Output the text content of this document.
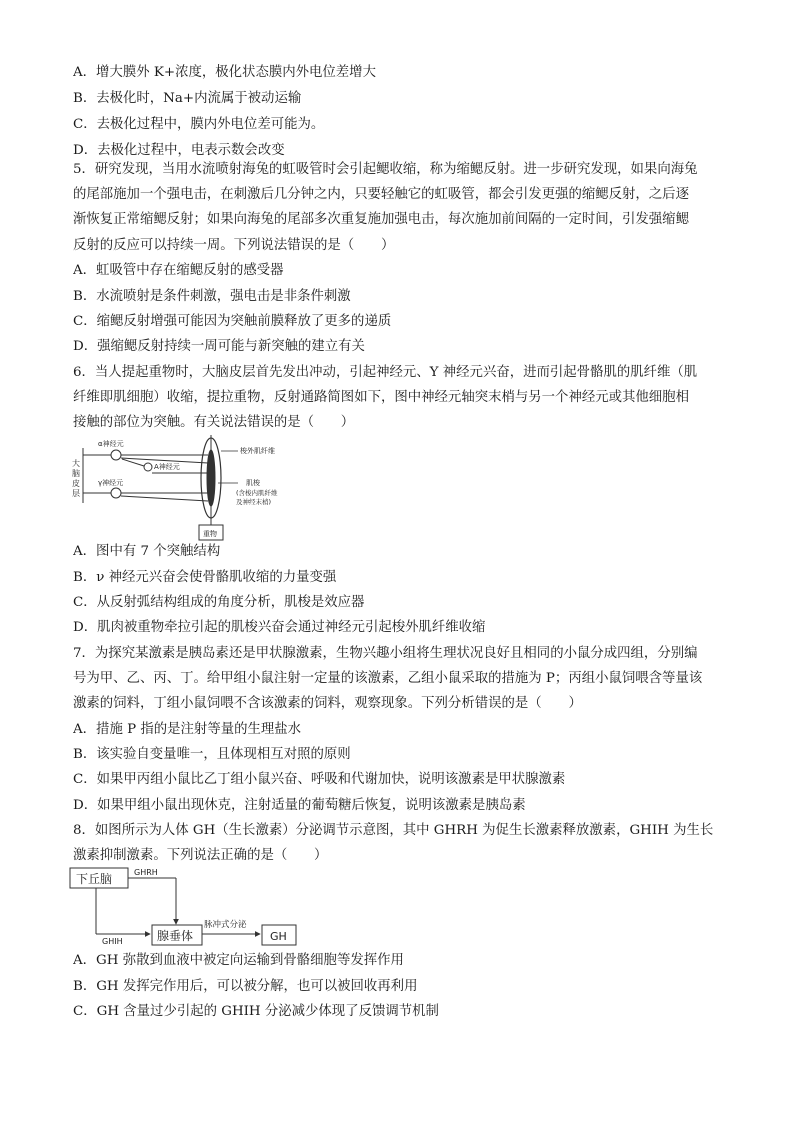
A．增大膜外 K+浓度，极化状态膜内外电位差增大
B．去极化时，Na+内流属于被动运输
C．去极化过程中，膜内外电位差可能为。
D．去极化过程中，电表示数会改变
5．研究发现，当用水流喷射海兔的虹吸管时会引起鳃收缩，称为缩鳃反射。进一步研究发现，如果向海兔
的尾部施加一个强电击，在刺激后几分钟之内，只要轻触它的虹吸管，都会引发更强的缩鳃反射，之后逐
渐恢复正常缩鳃反射；如果向海兔的尾部多次重复施加强电击，每次施加前间隔的一定时间，引发强缩鳃
反射的反应可以持续一周。下列说法错误的是（　　）
A．虹吸管中存在缩鳃反射的感受器
B．水流喷射是条件刺激，强电击是非条件刺激
C．缩鳃反射增强可能因为突触前膜释放了更多的递质
D．强缩鳃反射持续一周可能与新突触的建立有关
6．当人提起重物时，大脑皮层首先发出冲动，引起神经元、Y 神经元兴奋，进而引起骨骼肌的肌纤维（肌
纤维即肌细胞）收缩，提拉重物，反射通路简图如下，图中神经元轴突末梢与另一个神经元或其他细胞相
接触的部位为突触。有关说法错误的是（　　）
大
脑
皮
层
α神经元
A神经元
γ神经元
梭外肌纤维
肌梭
(含梭内肌纤维
及神经末梢)
重物
A．图中有 7 个突触结构
B．ν 神经元兴奋会使骨骼肌收缩的力量变强
C．从反射弧结构组成的角度分析，肌梭是效应器
D．肌肉被重物牵拉引起的肌梭兴奋会通过神经元引起梭外肌纤维收缩
7．为探究某激素是胰岛素还是甲状腺激素，生物兴趣小组将生理状况良好且相同的小鼠分成四组，分别编
号为甲、乙、丙、丁。给甲组小鼠注射一定量的该激素，乙组小鼠采取的措施为 P；丙组小鼠饲喂含等量该
激素的饲料，丁组小鼠饲喂不含该激素的饲料，观察现象。下列分析错误的是（　　）
A．措施 P 指的是注射等量的生理盐水
B．该实验自变量唯一，且体现相互对照的原则
C．如果甲丙组小鼠比乙丁组小鼠兴奋、呼吸和代谢加快，说明该激素是甲状腺激素
D．如果甲组小鼠出现休克，注射适量的葡萄糖后恢复，说明该激素是胰岛素
8．如图所示为人体 GH（生长激素）分泌调节示意图，其中 GHRH 为促生长激素释放激素，GHIH 为生长
激素抑制激素。下列说法正确的是（　　）
下丘脑	GHRH
GHIH	腺垂体
脉冲式分泌
GH
A．GH 弥散到血液中被定向运输到骨骼细胞等发挥作用
B．GH 发挥完作用后，可以被分解，也可以被回收再利用
C．GH 含量过少引起的 GHIH 分泌减少体现了反馈调节机制
